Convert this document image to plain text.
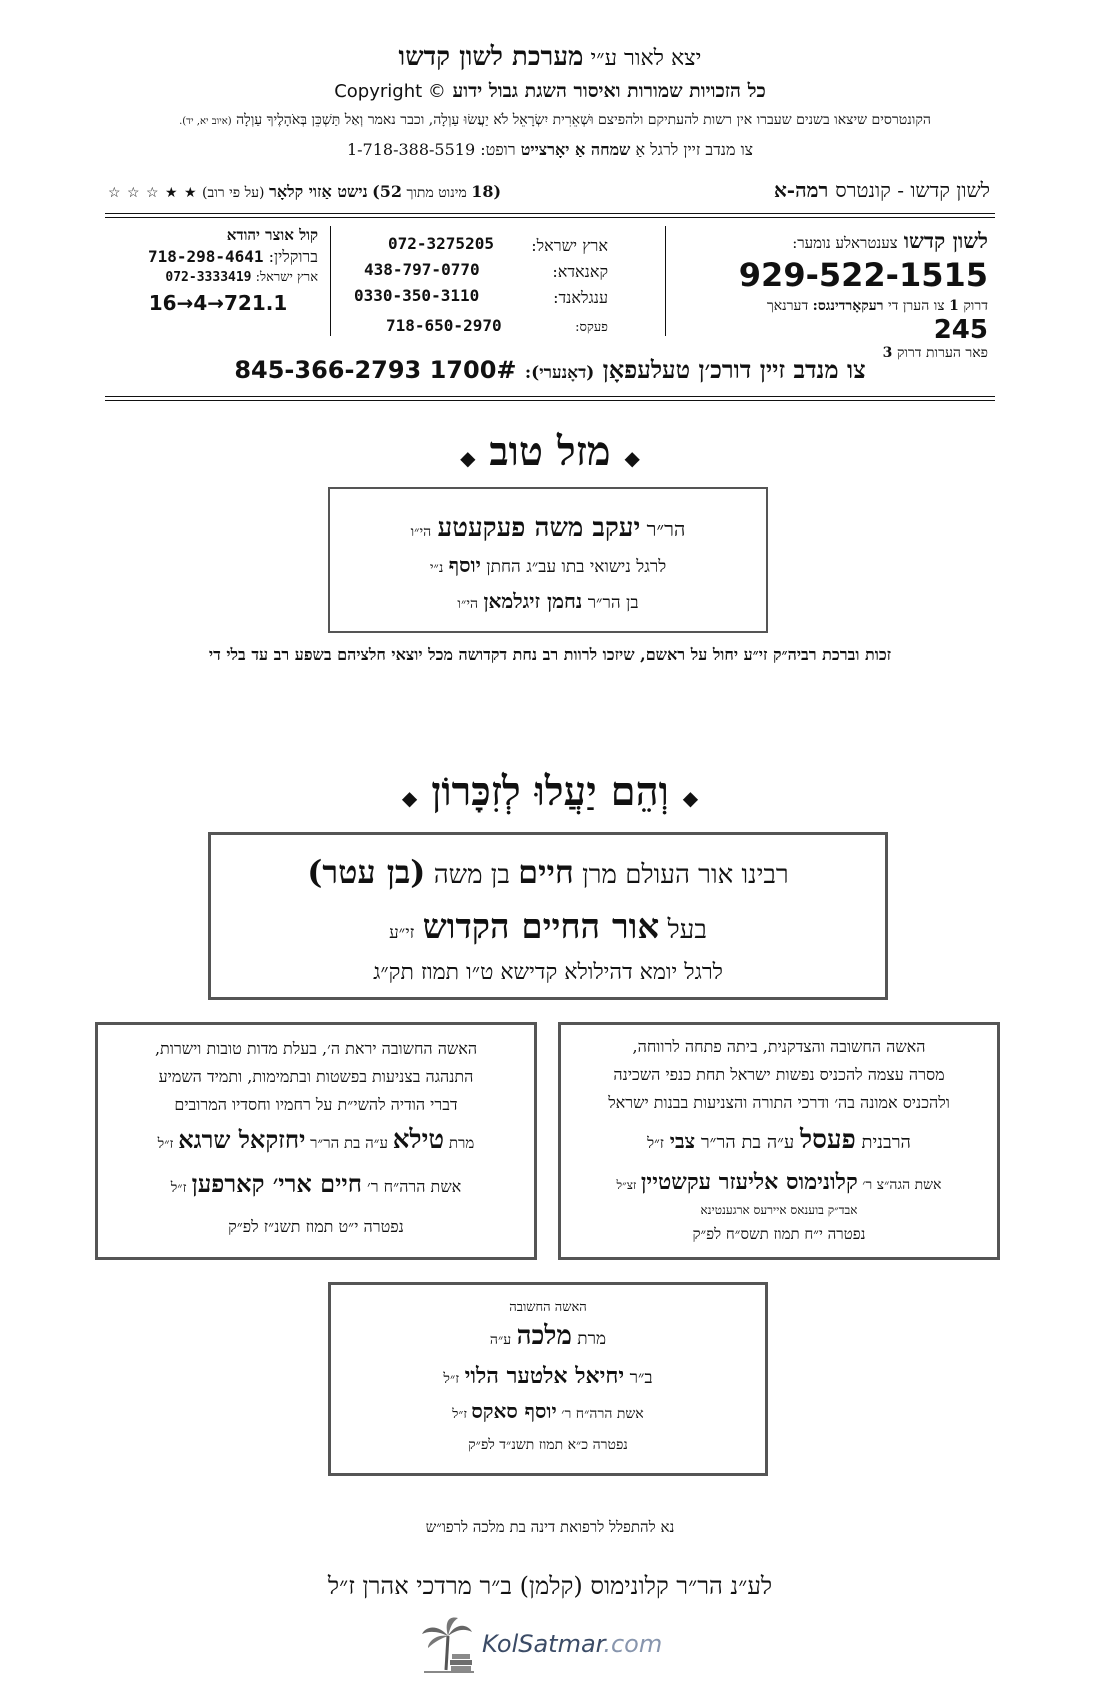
יצא לאור ע״י מערכת לשון קדשו
Copyright © כל הזכויות שמורות ואיסור השגת גבול ידוע
הקונטרסים שיצאו בשנים שעברו אין רשות להעתיקם ולהפיצם וּשְׁאֵרִית יִשְׂרָאֵל לֹא יַעֲשׂוּ עַוְלָה, וכבר נאמר וְאַל תַּשְׁכֵּן בְּאֹהָלֶיךָ עַוְלָה (איוב יא, יד).
צו מנדב זיין לרגל אַ שמחה אַ יאָרצייט רופט: 1-718-388-5519
לשון קדשו - קונטרס רמה-א
(18 מינוט מתוך 52) נישט אַזוי קלאָר (על פי רוב) ★ ★ ☆ ☆ ☆
לשון קדשו צענטראלע נומער:
929-522-1515
דרוק 1 צו הערן די רעקאָרדינגס: דערנאך 245
פאר הערות דרוק 3
ארץ ישראל:
072-3275205
קאנאדא:
438-797-0770
ענגלאנד:
0330-350-3110
פעקס:
718-650-2970
קול אוצר יהודא
ברוקלין: 718-298-4641
ארץ ישראל: 072-3333419
16→4→721.1
צו מנדב זיין דורכ׳ן טעלעפאָן (דאָנערי): 845-366-2793 1700#
◆ מזל טוב ◆
הר״ר יעקב משה פעקעטע הי״ו
לרגל נישואי בתו עב״ג החתן יוסף נ״י
בן הר״ר נחמן זיגלמאן הי״ו
זכות וברכת רביה״ק זי״ע יחול על ראשם, שיזכו לרוות רב נחת דקדושה מכל יוצאי חלציהם בשפע רב עד בלי די
◆ וְהֵם יַעֲלוּ לְזִכָּרוֹן ◆
רבינו אור העולם מרן חיים בן משה (בן עטר)
בעל אור החיים הקדוש זי״ע
לרגל יומא דהילולא קדישא ט״ו תמוז תק״ג
האשה החשובה והצדקנית, ביתה פתחה לרווחה,
מסרה עצמה להכניס נפשות ישראל תחת כנפי השכינה
ולהכניס אמונה בה׳ ודרכי התורה והצניעות בבנות ישראל
הרבנית פעסל ע״ה בת הר״ר צבי ז״ל
אשת הגה״צ ר׳ קלונימוס אליעזר עקשטיין זצ״ל
אבד״ק בוענאס איירעס ארגענטינא
נפטרה י״ח תמוז תשס״ח לפ״ק
האשה החשובה יראת ה׳, בעלת מדות טובות וישרות,
התנהגה בצניעות בפשטות ובתמימות, ותמיד השמיע
דברי הודיה להשי״ת על רחמיו וחסדיו המרובים
מרת טילא ע״ה בת הר״ר יחזקאל שרגא ז״ל
אשת הרה״ח ר׳ חיים ארי׳ קארפען ז״ל
נפטרה י״ט תמוז תשנ״ז לפ״ק
האשה החשובה
מרת מלכה ע״ה
ב״ר יחיאל אלטער הלוי ז״ל
אשת הרה״ח ר׳ יוסף סאקס ז״ל
נפטרה כ״א תמוז תשנ״ד לפ״ק
נא להתפלל לרפואת דינה בת מלכה לרפו״ש
לע״נ הר״ר קלונימוס (קלמן) ב״ר מרדכי אהרן ז״ל
KolSatmar.com
